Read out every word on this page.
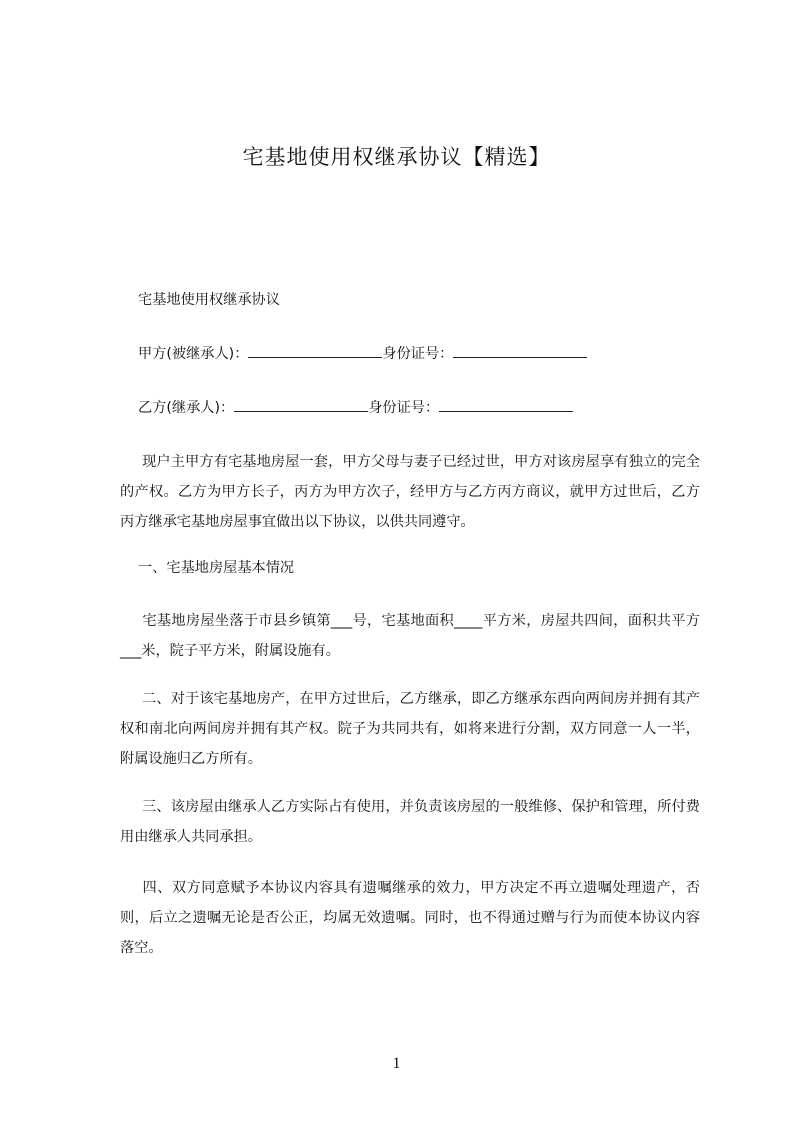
宅基地使用权继承协议【精选】
宅基地使用权继承协议
甲方(被继承人)：	身份证号：
乙方(继承人)：	身份证号：
现户主甲方有宅基地房屋一套，甲方父母与妻子已经过世，甲方对该房屋享有独立的完全的产权。乙方为甲方长子，丙方为甲方次子，经甲方与乙方丙方商议，就甲方过世后，乙方丙方继承宅基地房屋事宜做出以下协议，以供共同遵守。
一、宅基地房屋基本情况
宅基地房屋坐落于市县乡镇第___号，宅基地面积____平方米，房屋共四间，面积共平方___米，院子平方米，附属设施有。
二、对于该宅基地房产，在甲方过世后，乙方继承，即乙方继承东西向两间房并拥有其产权和南北向两间房并拥有其产权。院子为共同共有，如将来进行分割，双方同意一人一半，附属设施归乙方所有。
三、该房屋由继承人乙方实际占有使用，并负责该房屋的一般维修、保护和管理，所付费用由继承人共同承担。
四、双方同意赋予本协议内容具有遗嘱继承的效力，甲方决定不再立遗嘱处理遗产，否则，后立之遗嘱无论是否公正，均属无效遗嘱。同时，也不得通过赠与行为而使本协议内容落空。
1
